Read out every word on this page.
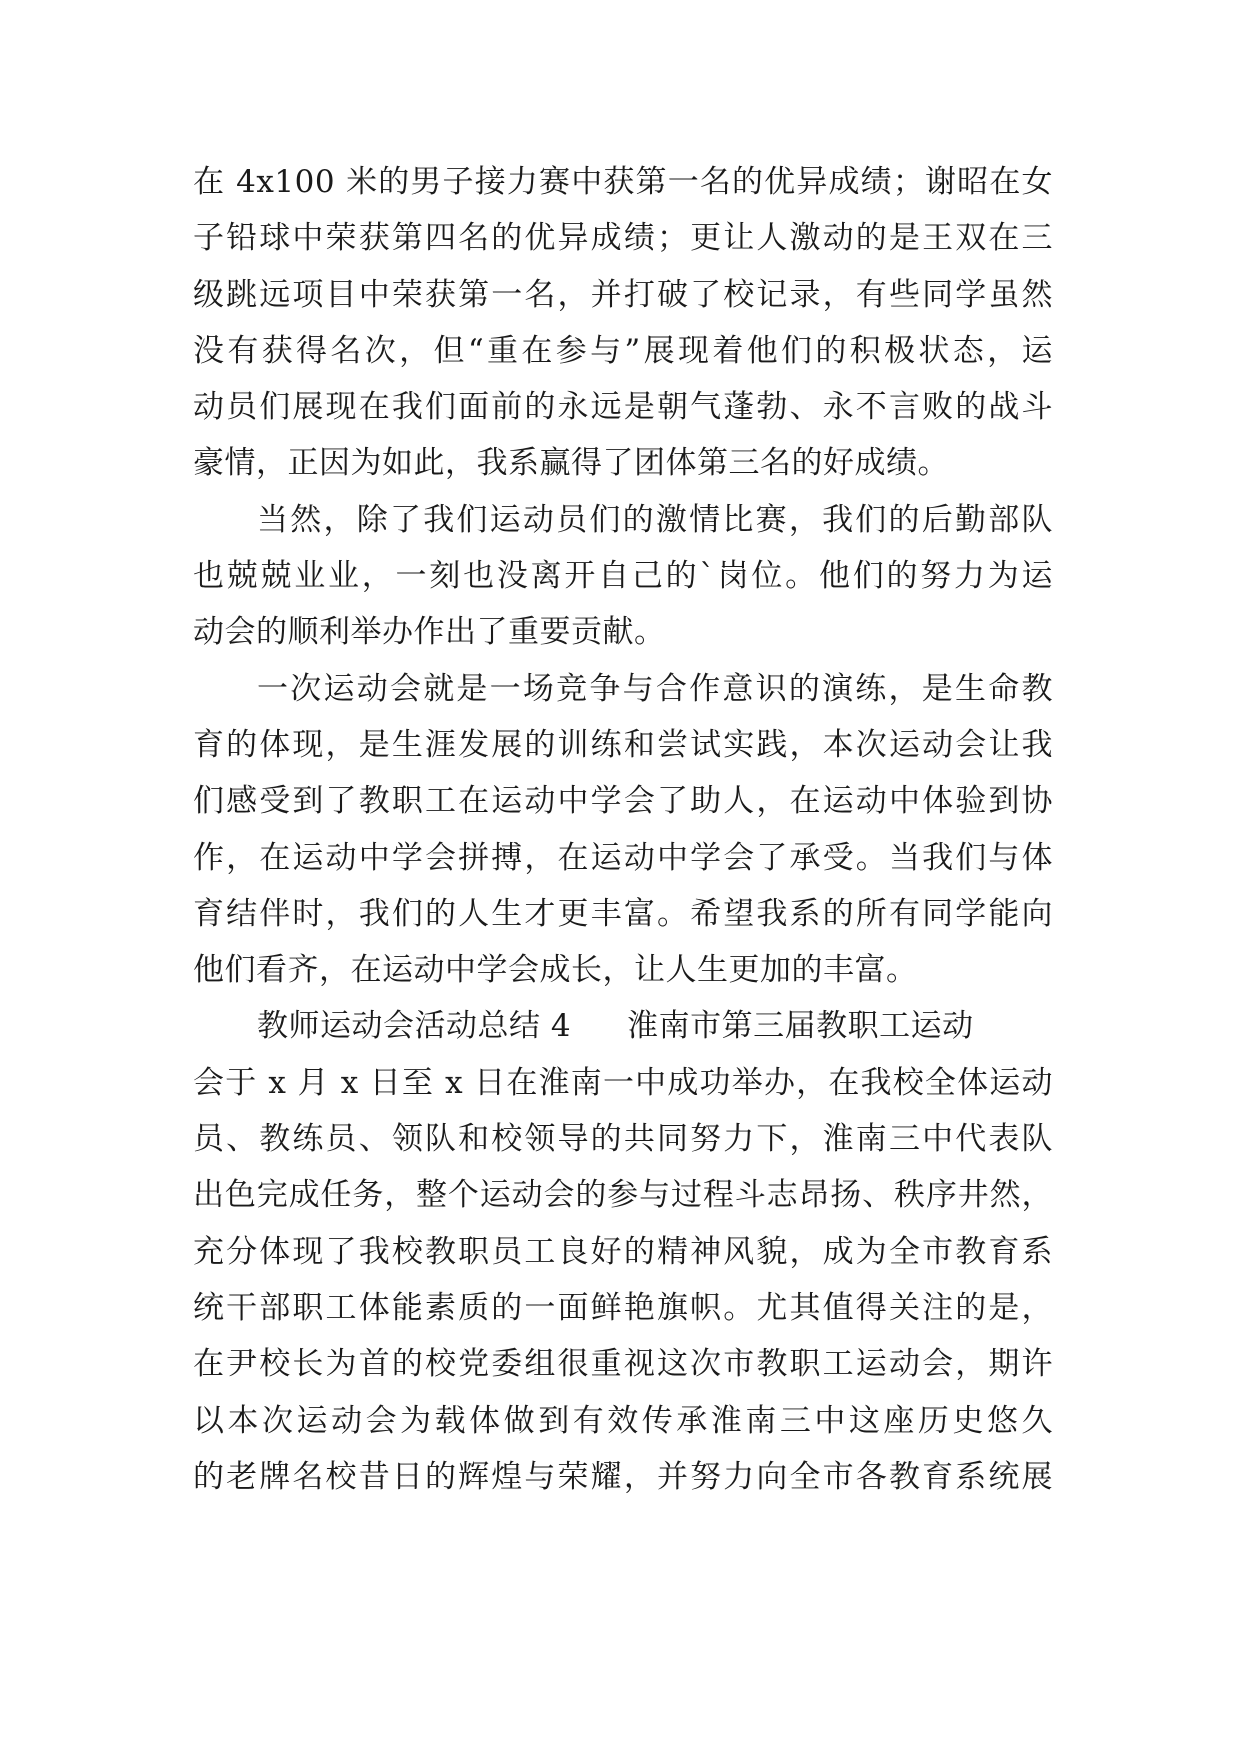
在 4x100 米的男子接力赛中获第一名的优异成绩；谢昭在女
子铅球中荣获第四名的优异成绩；更让人激动的是王双在三
级跳远项目中荣获第一名，并打破了校记录，有些同学虽然
没有获得名次，但“重在参与”展现着他们的积极状态，运
动员们展现在我们面前的永远是朝气蓬勃、永不言败的战斗
豪情，正因为如此，我系赢得了团体第三名的好成绩。
当然，除了我们运动员们的激情比赛，我们的后勤部队
也兢兢业业，一刻也没离开自己的`岗位。他们的努力为运
动会的顺利举办作出了重要贡献。
一次运动会就是一场竞争与合作意识的演练，是生命教
育的体现，是生涯发展的训练和尝试实践，本次运动会让我
们感受到了教职工在运动中学会了助人，在运动中体验到协
作，在运动中学会拼搏，在运动中学会了承受。当我们与体
育结伴时，我们的人生才更丰富。希望我系的所有同学能向
他们看齐，在运动中学会成长，让人生更加的丰富。
教师运动会活动总结 4 淮南市第三届教职工运动
会于 x 月 x 日至 x 日在淮南一中成功举办，在我校全体运动
员、教练员、领队和校领导的共同努力下，淮南三中代表队
出色完成任务，整个运动会的参与过程斗志昂扬、秩序井然，
充分体现了我校教职员工良好的精神风貌，成为全市教育系
统干部职工体能素质的一面鲜艳旗帜。尤其值得关注的是，
在尹校长为首的校党委组很重视这次市教职工运动会，期许
以本次运动会为载体做到有效传承淮南三中这座历史悠久
的老牌名校昔日的辉煌与荣耀，并努力向全市各教育系统展
